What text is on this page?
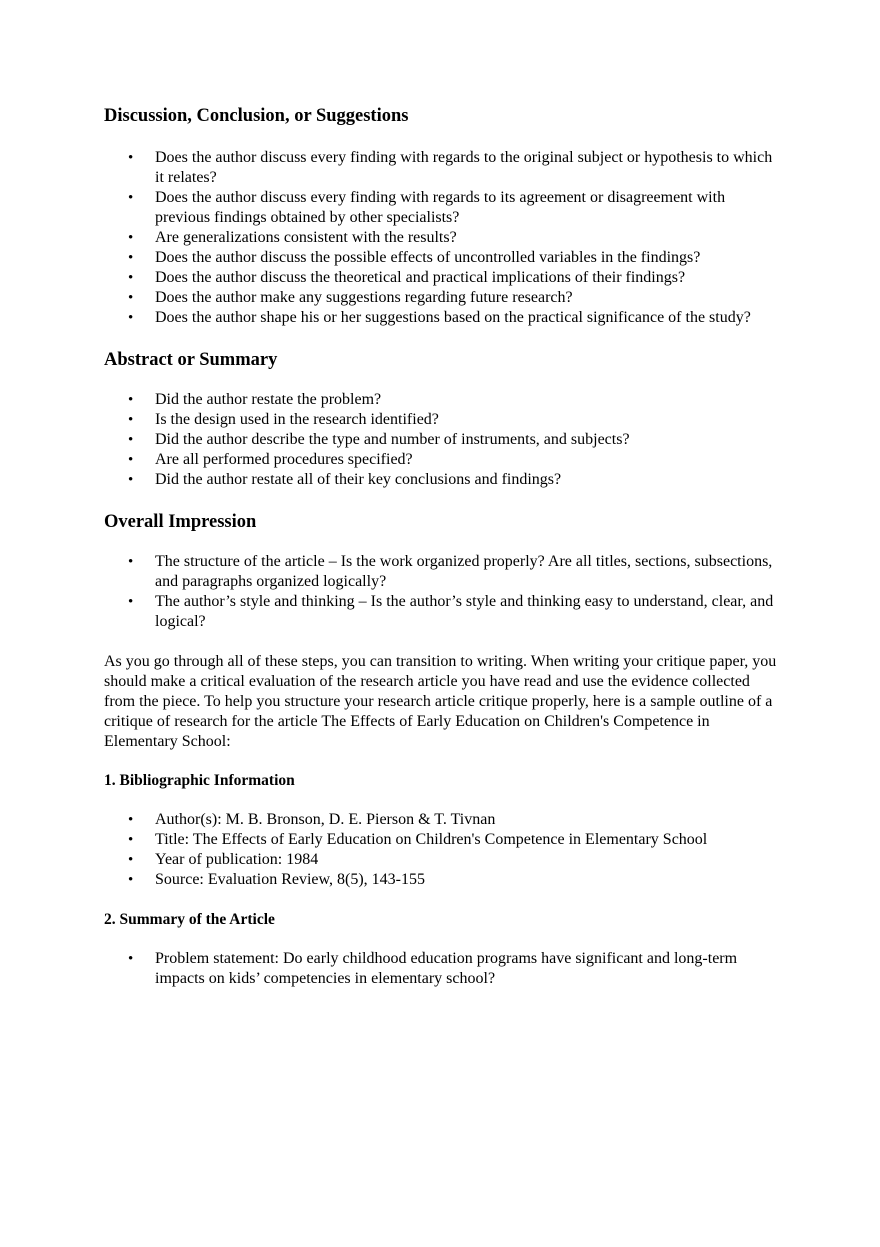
Discussion, Conclusion, or Suggestions
• Does the author discuss every finding with regards to the original subject or hypothesis to which it relates?
• Does the author discuss every finding with regards to its agreement or disagreement with previous findings obtained by other specialists?
• Are generalizations consistent with the results?
• Does the author discuss the possible effects of uncontrolled variables in the findings?
• Does the author discuss the theoretical and practical implications of their findings?
• Does the author make any suggestions regarding future research?
• Does the author shape his or her suggestions based on the practical significance of the study?
Abstract or Summary
• Did the author restate the problem?
• Is the design used in the research identified?
• Did the author describe the type and number of instruments, and subjects?
• Are all performed procedures specified?
• Did the author restate all of their key conclusions and findings?
Overall Impression
• The structure of the article – Is the work organized properly? Are all titles, sections, subsections, and paragraphs organized logically?
• The author’s style and thinking – Is the author’s style and thinking easy to understand, clear, and logical?

As you go through all of these steps, you can transition to writing. When writing your critique paper, you should make a critical evaluation of the research article you have read and use the evidence collected from the piece. To help you structure your research article critique properly, here is a sample outline of a critique of research for the article The Effects of Early Education on Children's Competence in Elementary School:

1. Bibliographic Information
• Author(s): M. B. Bronson, D. E. Pierson & T. Tivnan
• Title: The Effects of Early Education on Children's Competence in Elementary School
• Year of publication: 1984
• Source: Evaluation Review, 8(5), 143-155
2. Summary of the Article
• Problem statement: Do early childhood education programs have significant and long-term impacts on kids’ competencies in elementary school?
